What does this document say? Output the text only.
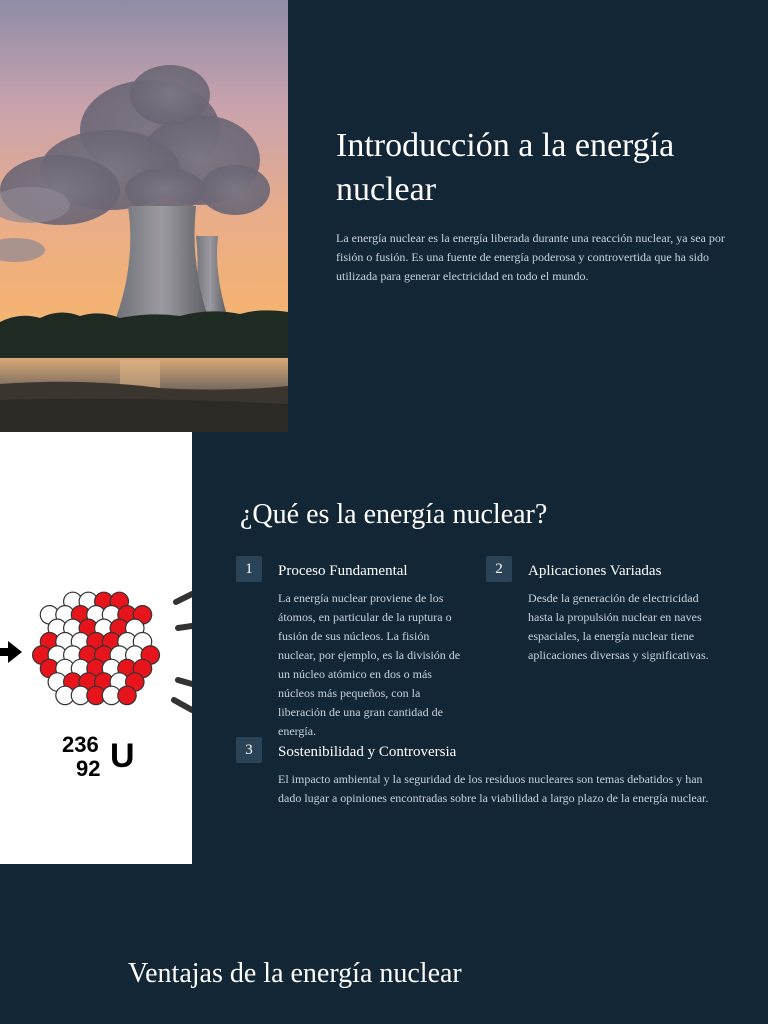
Introducción a la energía nuclear

La energía nuclear es la energía liberada durante una reacción nuclear, ya sea por fisión o fusión. Es una fuente de energía poderosa y controvertida que ha sido utilizada para generar electricidad en todo el mundo.

236
92 U
¿Qué es la energía nuclear?
1	Proceso Fundamental

La energía nuclear proviene de los átomos, en particular de la ruptura o fusión de sus núcleos. La fisión nuclear, por ejemplo, es la división de un núcleo atómico en dos o más núcleos más pequeños, con la liberación de una gran cantidad de energía.

2	Aplicaciones Variadas

Desde la generación de electricidad hasta la propulsión nuclear en naves espaciales, la energía nuclear tiene aplicaciones diversas y significativas.

3	Sostenibilidad y Controversia

El impacto ambiental y la seguridad de los residuos nucleares son temas debatidos y han dado lugar a opiniones encontradas sobre la viabilidad a largo plazo de la energía nuclear.

Ventajas de la energía nuclear
